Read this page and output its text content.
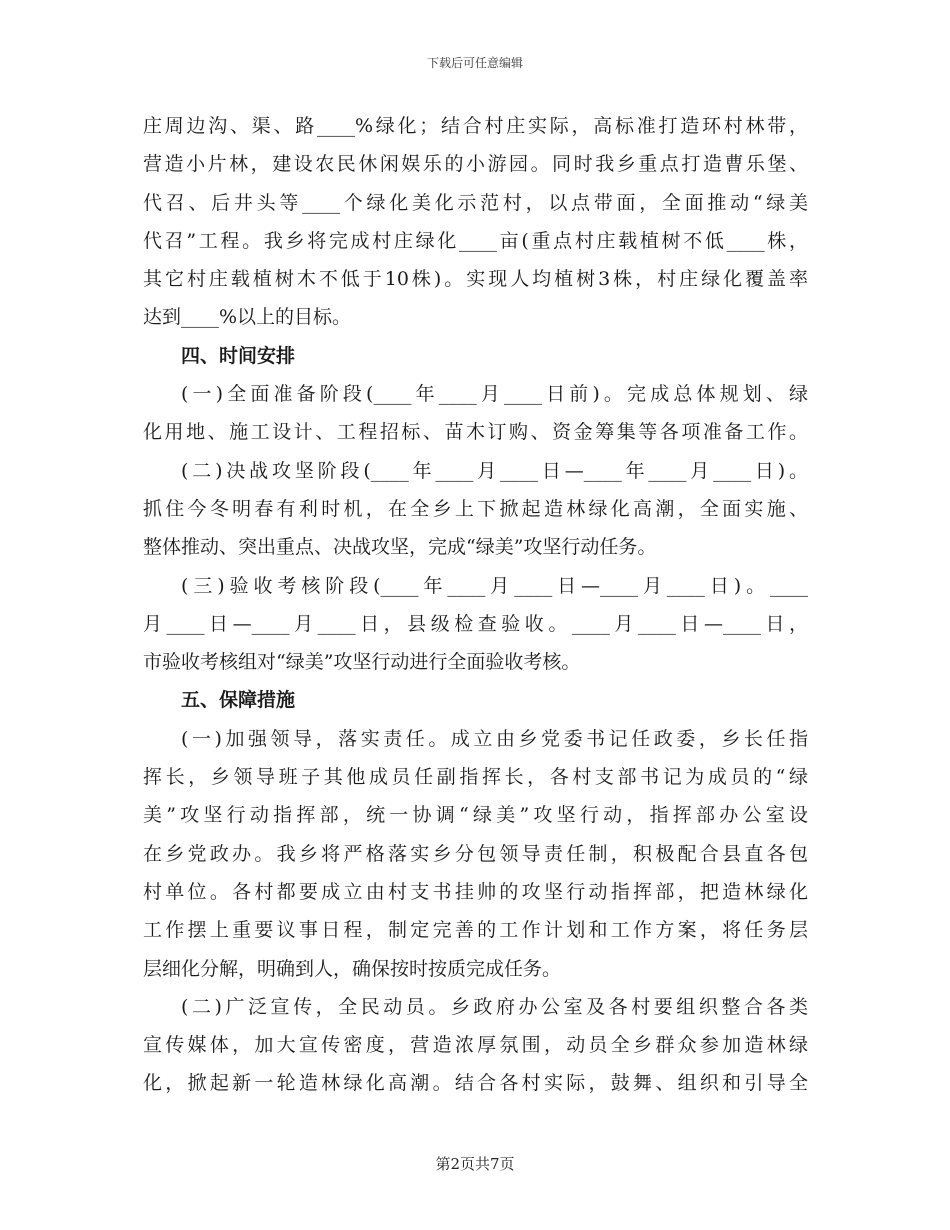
下载后可任意编辑
庄周边沟、渠、路____%绿化；结合村庄实际，高标准打造环村林带，
营造小片林，建设农民休闲娱乐的小游园。同时我乡重点打造曹乐堡、
代召、后井头等____个绿化美化示范村，以点带面，全面推动“绿美
代召”工程。我乡将完成村庄绿化____亩(重点村庄载植树不低____株，
其它村庄载植树木不低于10株)。实现人均植树3株，村庄绿化覆盖率
达到____%以上的目标。
四、时间安排
(一)全面准备阶段(____年____月____日前)。完成总体规划、绿
化用地、施工设计、工程招标、苗木订购、资金筹集等各项准备工作。
(二)决战攻坚阶段(____年____月____日—____年____月____日)。
抓住今冬明春有利时机，在全乡上下掀起造林绿化高潮，全面实施、
整体推动、突出重点、决战攻坚，完成“绿美”攻坚行动任务。
(三)验收考核阶段(____年____月____日—____月____日)。____
月____日—____月____日，县级检查验收。____月____日—____日，
市验收考核组对“绿美”攻坚行动进行全面验收考核。
五、保障措施
(一)加强领导，落实责任。成立由乡党委书记任政委，乡长任指
挥长，乡领导班子其他成员任副指挥长，各村支部书记为成员的“绿
美”攻坚行动指挥部，统一协调“绿美”攻坚行动，指挥部办公室设
在乡党政办。我乡将严格落实乡分包领导责任制，积极配合县直各包
村单位。各村都要成立由村支书挂帅的攻坚行动指挥部，把造林绿化
工作摆上重要议事日程，制定完善的工作计划和工作方案，将任务层
层细化分解，明确到人，确保按时按质完成任务。
(二)广泛宣传，全民动员。乡政府办公室及各村要组织整合各类
宣传媒体，加大宣传密度，营造浓厚氛围，动员全乡群众参加造林绿
化，掀起新一轮造林绿化高潮。结合各村实际，鼓舞、组织和引导全
第2页共7页
